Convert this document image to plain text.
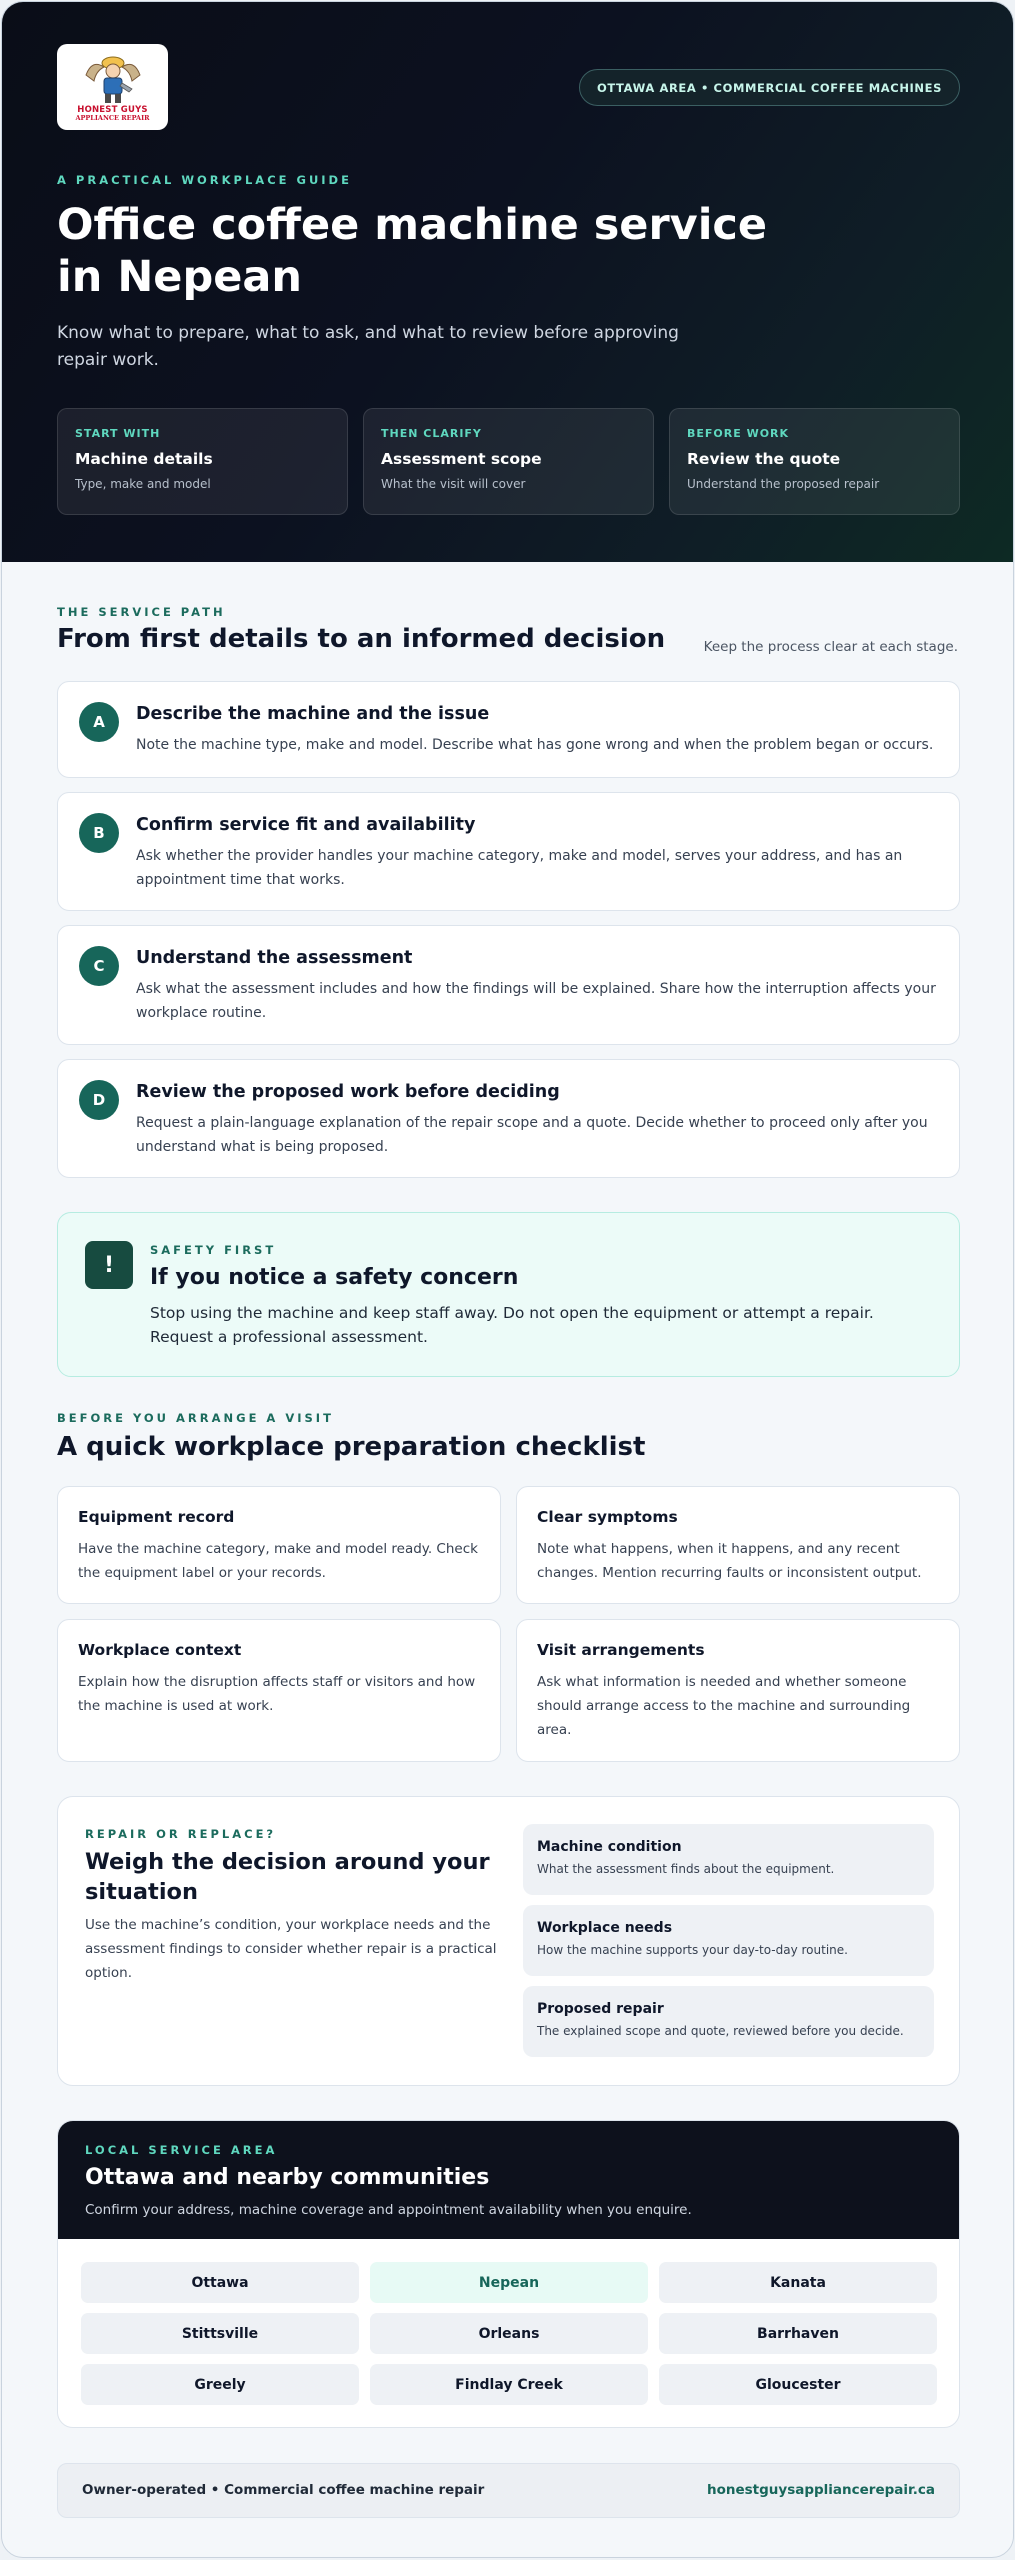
HONEST GUYS
APPLIANCE REPAIR
OTTAWA AREA • COMMERCIAL COFFEE MACHINES
A PRACTICAL WORKPLACE GUIDE
Office coffee machine service in Nepean

Know what to prepare, what to ask, and what to review before approving repair work.

START WITH
Machine details
Type, make and model
THEN CLARIFY
Assessment scope
What the visit will cover
BEFORE WORK
Review the quote
Understand the proposed repair
THE SERVICE PATH
From first details to an informed decision	Keep the process clear at each stage.
A	Describe the machine and the issue
Note the machine type, make and model. Describe what has gone wrong and when the problem began or occurs.
B	Confirm service fit and availability
Ask whether the provider handles your machine category, make and model, serves your address, and has an appointment time that works.
C	Understand the assessment
Ask what the assessment includes and how the findings will be explained. Share how the interruption affects your workplace routine.
D	Review the proposed work before deciding
Request a plain-language explanation of the repair scope and a quote. Decide whether to proceed only after you understand what is being proposed.
!
SAFETY FIRST
If you notice a safety concern
Stop using the machine and keep staff away. Do not open the equipment or attempt a repair. Request a professional assessment.
BEFORE YOU ARRANGE A VISIT
A quick workplace preparation checklist
Equipment record
Have the machine category, make and model ready. Check the equipment label or your records.
Clear symptoms
Note what happens, when it happens, and any recent changes. Mention recurring faults or inconsistent output.
Workplace context
Explain how the disruption affects staff or visitors and how the machine is used at work.
Visit arrangements
Ask what information is needed and whether someone should arrange access to the machine and surrounding area.
REPAIR OR REPLACE?
Weigh the decision around your situation
Use the machine’s condition, your workplace needs and the assessment findings to consider whether repair is a practical option.
Machine condition
What the assessment finds about the equipment.
Workplace needs
How the machine supports your day-to-day routine.
Proposed repair
The explained scope and quote, reviewed before you decide.
LOCAL SERVICE AREA
Ottawa and nearby communities
Confirm your address, machine coverage and appointment availability when you enquire.
Ottawa	Nepean	Kanata
Stittsville	Orleans	Barrhaven
Greely	Findlay Creek	Gloucester
Owner-operated • Commercial coffee machine repair	honestguysappliancerepair.ca
